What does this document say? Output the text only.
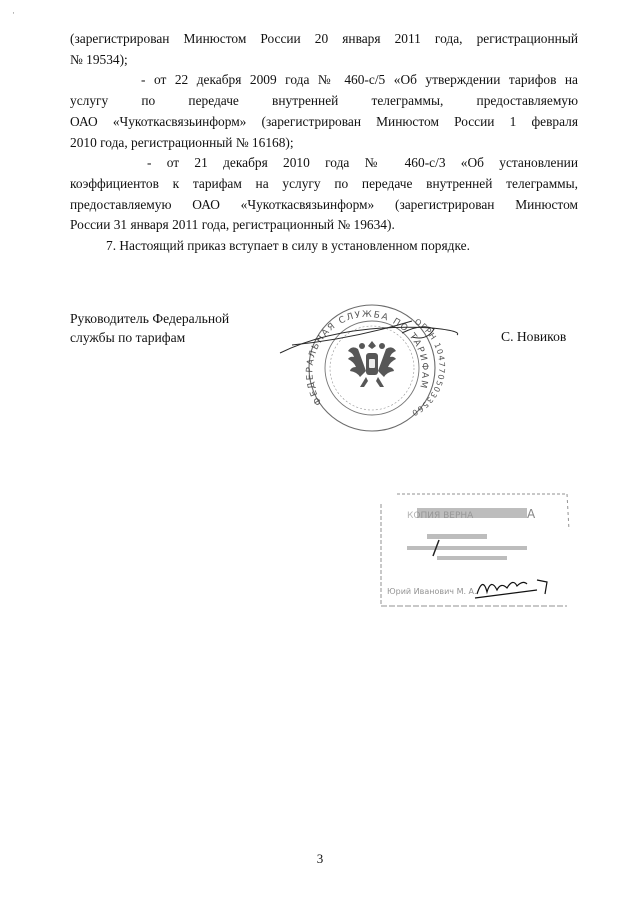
·

(зарегистрирован Минюстом России 20 января 2011 года, регистрационный
№ 19534);

- от 22 декабря 2009 года № 460-с/5 «Об утверждении тарифов на
услугу по передаче внутренней телеграммы, предоставляемую
ОАО «Чукоткасвязьинформ» (зарегистрирован Минюстом России 1 февраля
2010 года, регистрационный № 16168);

- от 21 декабря 2010 года № 460-с/3 «Об установлении
коэффициентов к тарифам на услугу по передаче внутренней телеграммы,
предоставляемую ОАО «Чукоткасвязьинформ» (зарегистрирован Минюстом
России 31 января 2011 года, регистрационный № 19634).

7. Настоящий приказ вступает в силу в установленном порядке.

Руководитель Федеральной
службы по тарифам
ФЕДЕРАЛЬНАЯ СЛУЖБА ПО ТАРИФАМ
ОГРН 1047705033560
С. Новиков
А
КОПИЯ ВЕРНА
Юрий Иванович М. А.
3
